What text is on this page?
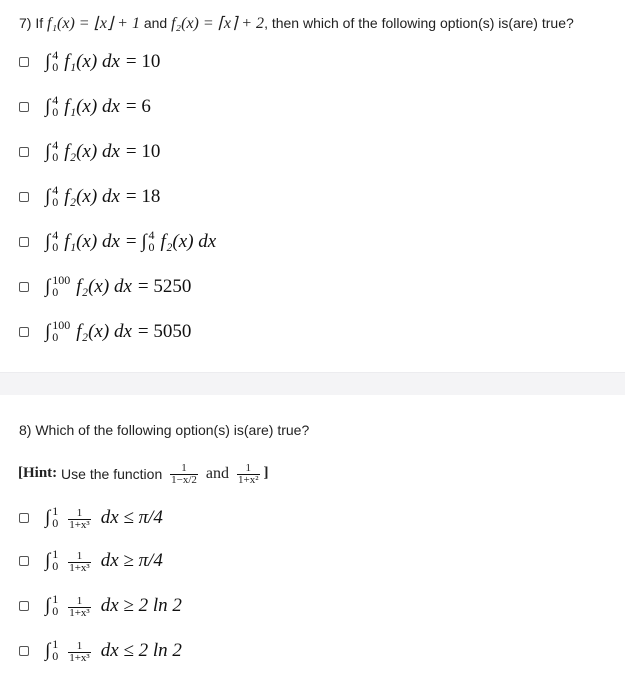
7) If f₁(x) = ⌊x⌋ + 1 and f₂(x) = ⌈x⌉ + 2, then which of the following option(s) is(are) true?
∫ 4
0 f₁(x) dx = 10
∫ 4
0 f₁(x) dx = 6
∫ 4
0 f₂(x) dx = 10
∫ 4
0 f₂(x) dx = 18
∫ 4
0 f₁(x) dx = ∫ 4
0 f₂(x) dx
∫ 100
0 f₂(x) dx = 5250
∫ 100
0 f₂(x) dx = 5050
8) Which of the following option(s) is(are) true?
[ Hint: Use the function $\frac{1}{1-x/2}$ and $\frac{1}{\text{1+x²}}$ ]
∫ 1
$0 \frac{1}{\text{1+x³}}$ dx ≤ π/4
∫ 1
$0 \frac{1}{\text{1+x³}}$ dx ≥ π/4
∫ 1
$0 \frac{1}{\text{1+x³}}$ dx ≥ 2 ln 2
∫ 1
$0 \frac{1}{\text{1+x³}}$ dx ≤ 2 ln 2
